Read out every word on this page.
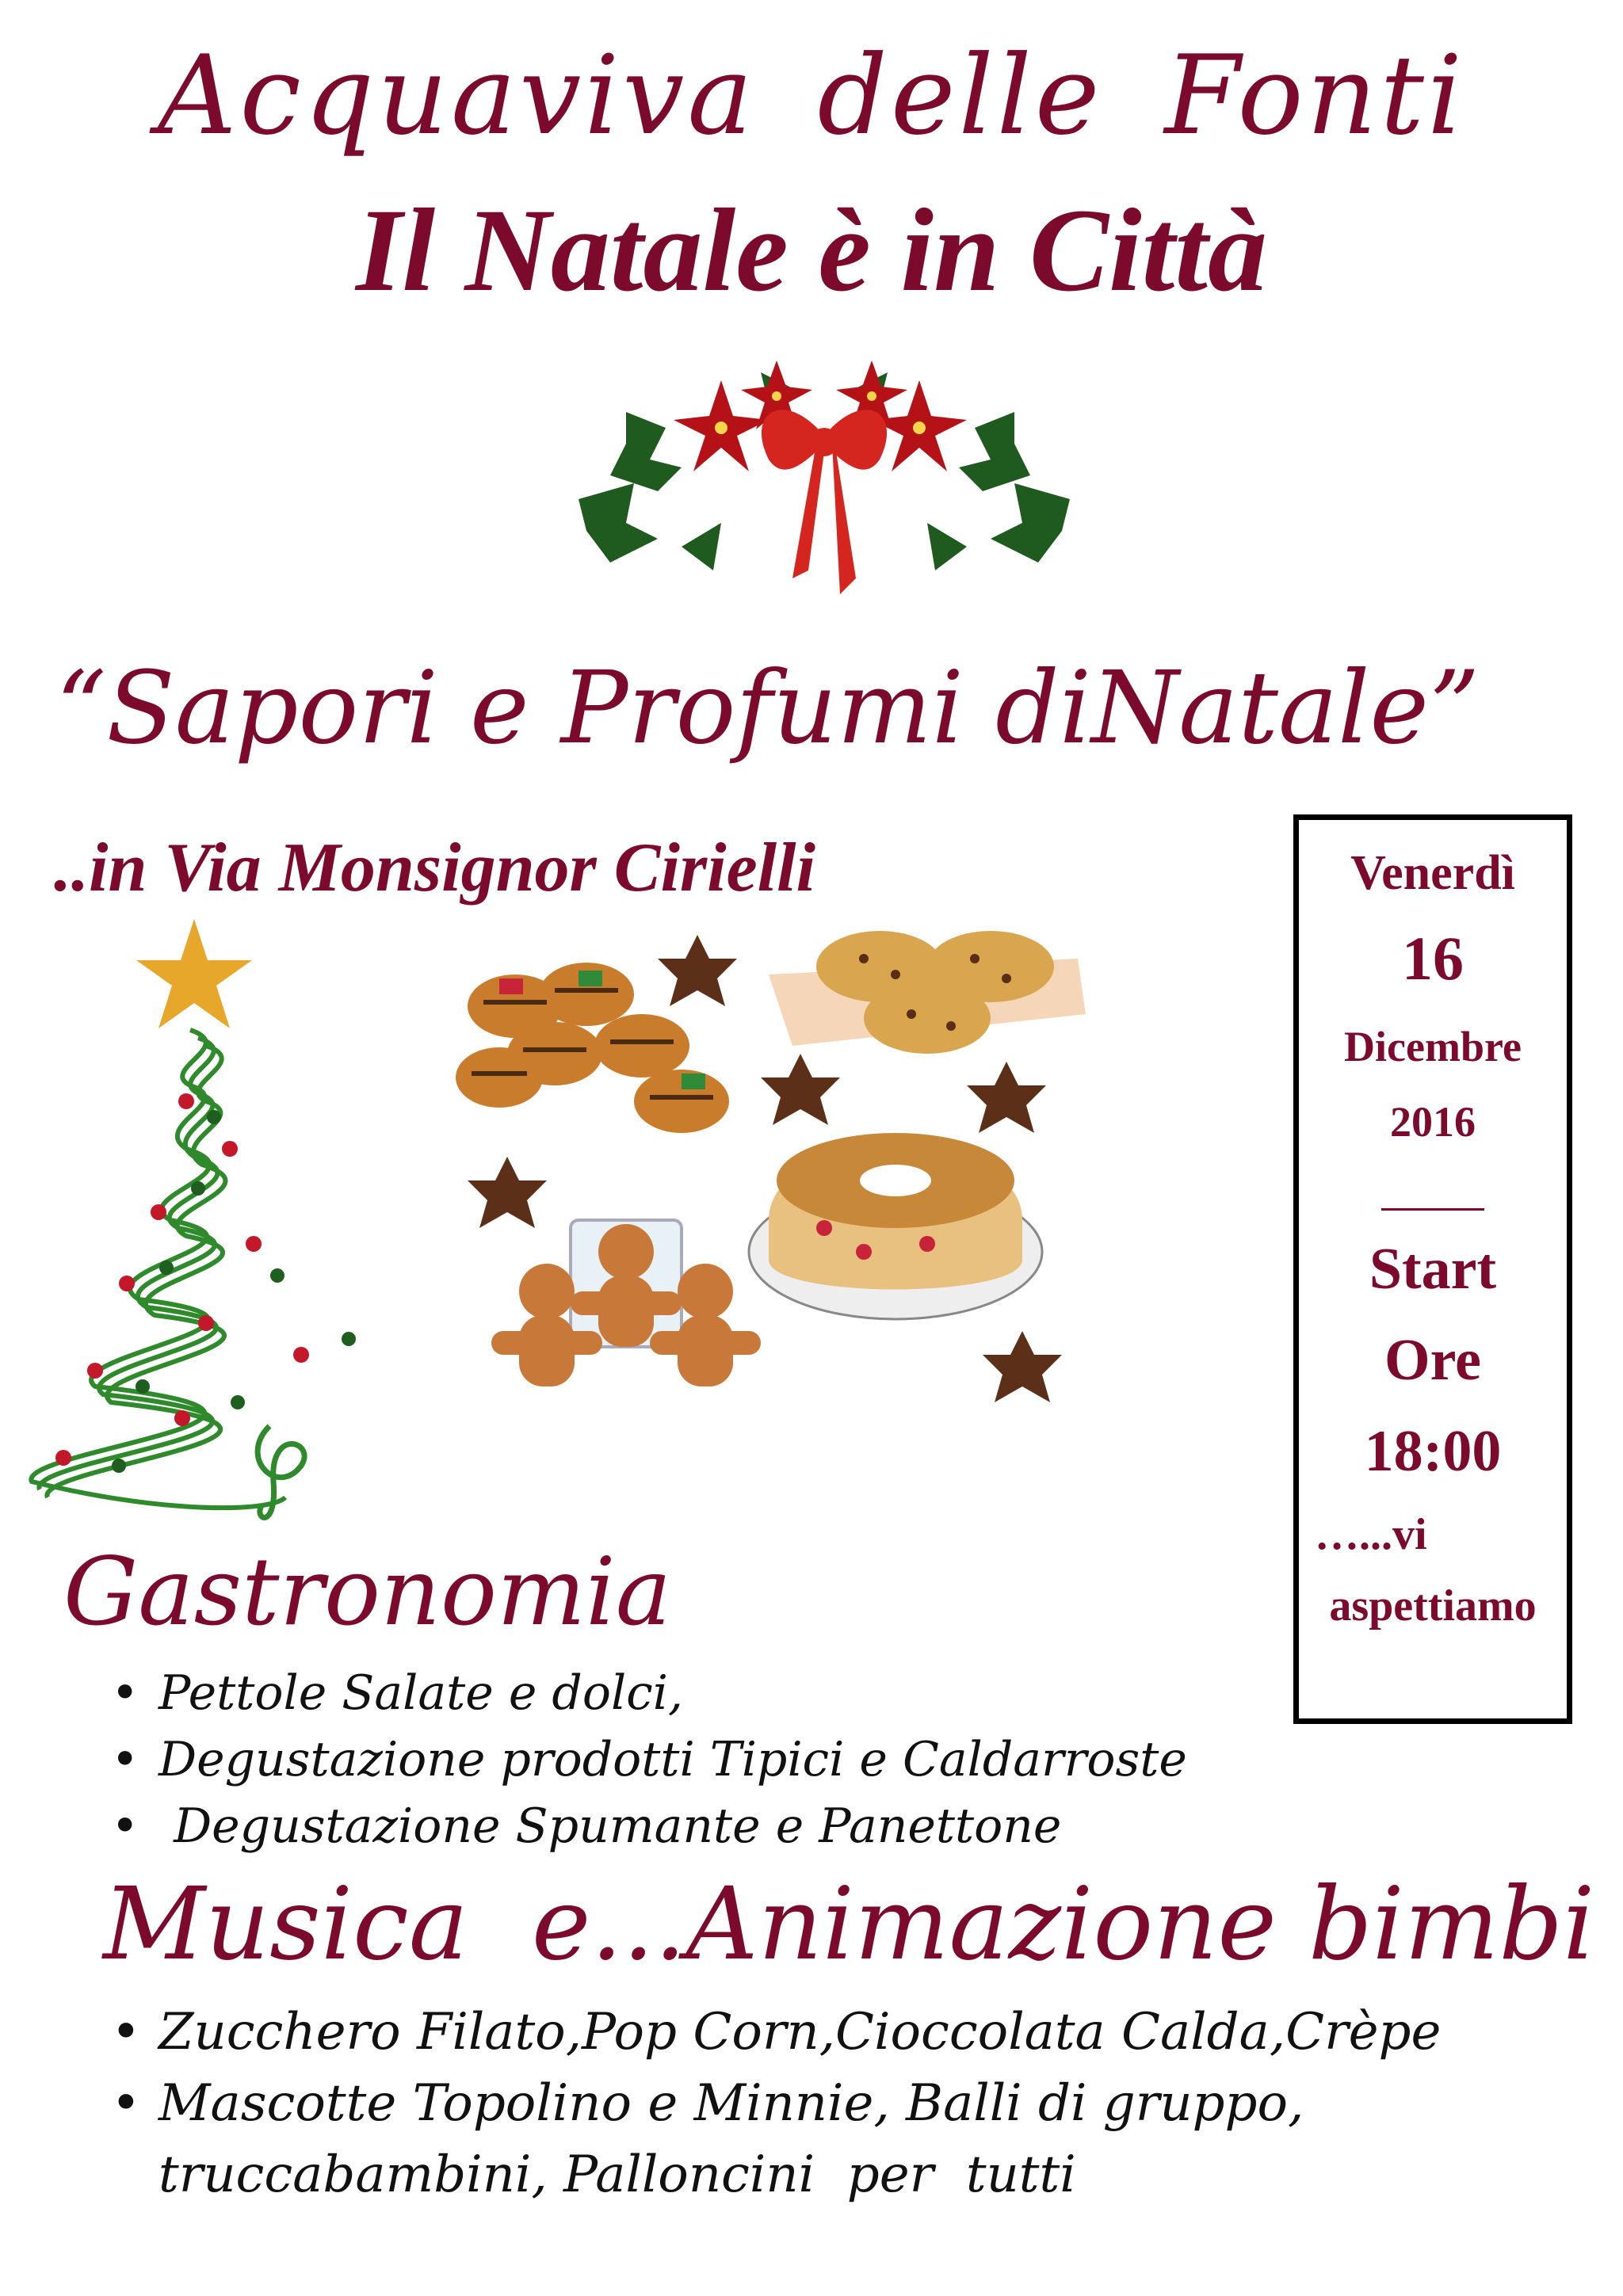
Acquaviva delle Fonti
Il Natale è in Città
“Sapori e Profumi diNatale”
..in Via Monsignor Cirielli	Venerdì
16
Dicembre
2016
Start
Ore
18:00
…...vi
aspettiamo
Gastronomia
• Pettole Salate e dolci,
• Degustazione prodotti Tipici e Caldarroste
• Degustazione Spumante e Panettone
Musica  e...Animazione bimbi
• Zucchero Filato,Pop Corn,Cioccolata Calda,Crèpe
• Mascotte Topolino e Minnie, Balli di gruppo,
truccabambini, Palloncini  per  tutti
